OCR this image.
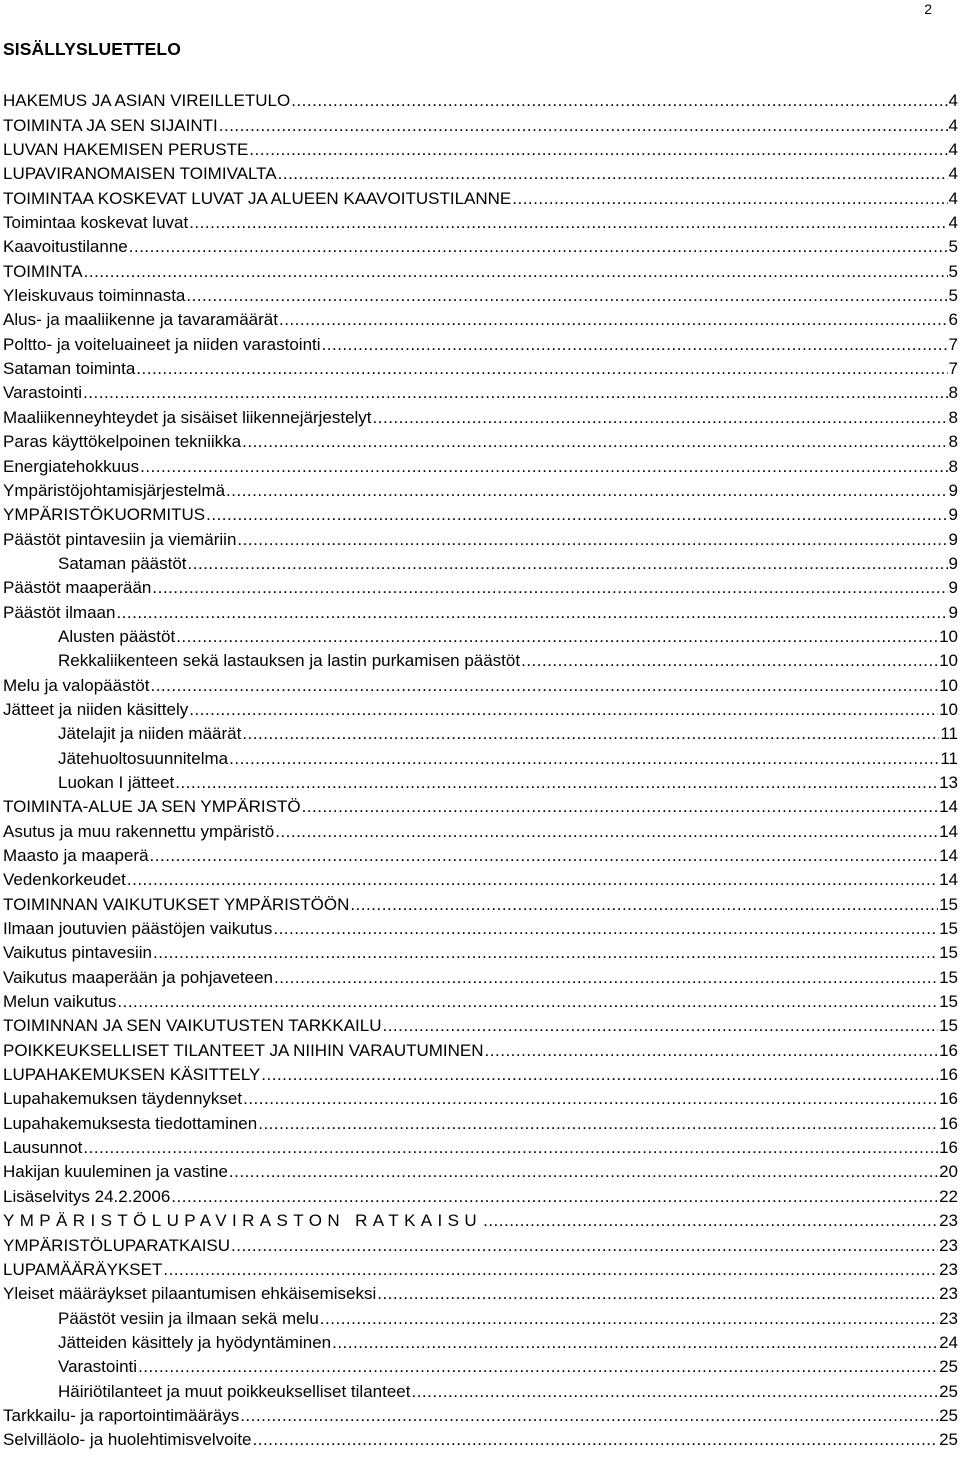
2
SISÄLLYSLUETTELO
HAKEMUS JA ASIAN VIREILLETULO .....	4
TOIMINTA JA SEN SIJAINTI .....	4
LUVAN HAKEMISEN PERUSTE .....	4
LUPAVIRANOMAISEN TOIMIVALTA .....	4
TOIMINTAA KOSKEVAT LUVAT JA ALUEEN KAAVOITUSTILANNE .....	4
Toimintaa koskevat luvat .....	4
Kaavoitustilanne .....	5
TOIMINTA .....	5
Yleiskuvaus toiminnasta .....	5
Alus- ja maaliikenne ja tavaramäärät .....	6
Poltto- ja voiteluaineet ja niiden varastointi .....	7
Sataman toiminta .....	7
Varastointi .....	8
Maaliikenneyhteydet ja sisäiset liikennejärjestelyt .....	8
Paras käyttökelpoinen tekniikka .....	8
Energiatehokkuus .....	8
Ympäristöjohtamisjärjestelmä .....	9
YMPÄRISTÖKUORMITUS .....	9
Päästöt pintavesiin ja viemäriin .....	9
Sataman päästöt .....	9
Päästöt maaperään .....	9
Päästöt ilmaan .....	9
Alusten päästöt .....	10
Rekkaliikenteen sekä lastauksen ja lastin purkamisen päästöt .....	10
Melu ja valopäästöt .....	10
Jätteet ja niiden käsittely .....	10
Jätelajit ja niiden määrät .....	11
Jätehuoltosuunnitelma .....	11
Luokan I jätteet .....	13
TOIMINTA-ALUE JA SEN YMPÄRISTÖ .....	14
Asutus ja muu rakennettu ympäristö .....	14
Maasto ja maaperä .....	14
Vedenkorkeudet .....	14
TOIMINNAN VAIKUTUKSET YMPÄRISTÖÖN .....	15
Ilmaan joutuvien päästöjen vaikutus .....	15
Vaikutus pintavesiin .....	15
Vaikutus maaperään ja pohjaveteen .....	15
Melun vaikutus .....	15
TOIMINNAN JA SEN VAIKUTUSTEN TARKKAILU .....	15
POIKKEUKSELLISET TILANTEET JA NIIHIN VARAUTUMINEN .....	16
LUPAHAKEMUKSEN KÄSITTELY .....	16
Lupahakemuksen täydennykset .....	16
Lupahakemuksesta tiedottaminen .....	16
Lausunnot .....	16
Hakijan kuuleminen ja vastine .....	20
Lisäselvitys 24.2.2006 .....	22
YMPÄRISTÖLUPAVIRASTON RATKAISU .....	23
YMPÄRISTÖLUPARATKAISU .....	23
LUPAMÄÄRÄYKSET .....	23
Yleiset määräykset pilaantumisen ehkäisemiseksi .....	23
Päästöt vesiin ja ilmaan sekä melu .....	23
Jätteiden käsittely ja hyödyntäminen .....	24
Varastointi .....	25
Häiriötilanteet ja muut poikkeukselliset tilanteet .....	25
Tarkkailu- ja raportointimääräys .....	25
Selvilläolo- ja huolehtimisvelvoite .....	25
